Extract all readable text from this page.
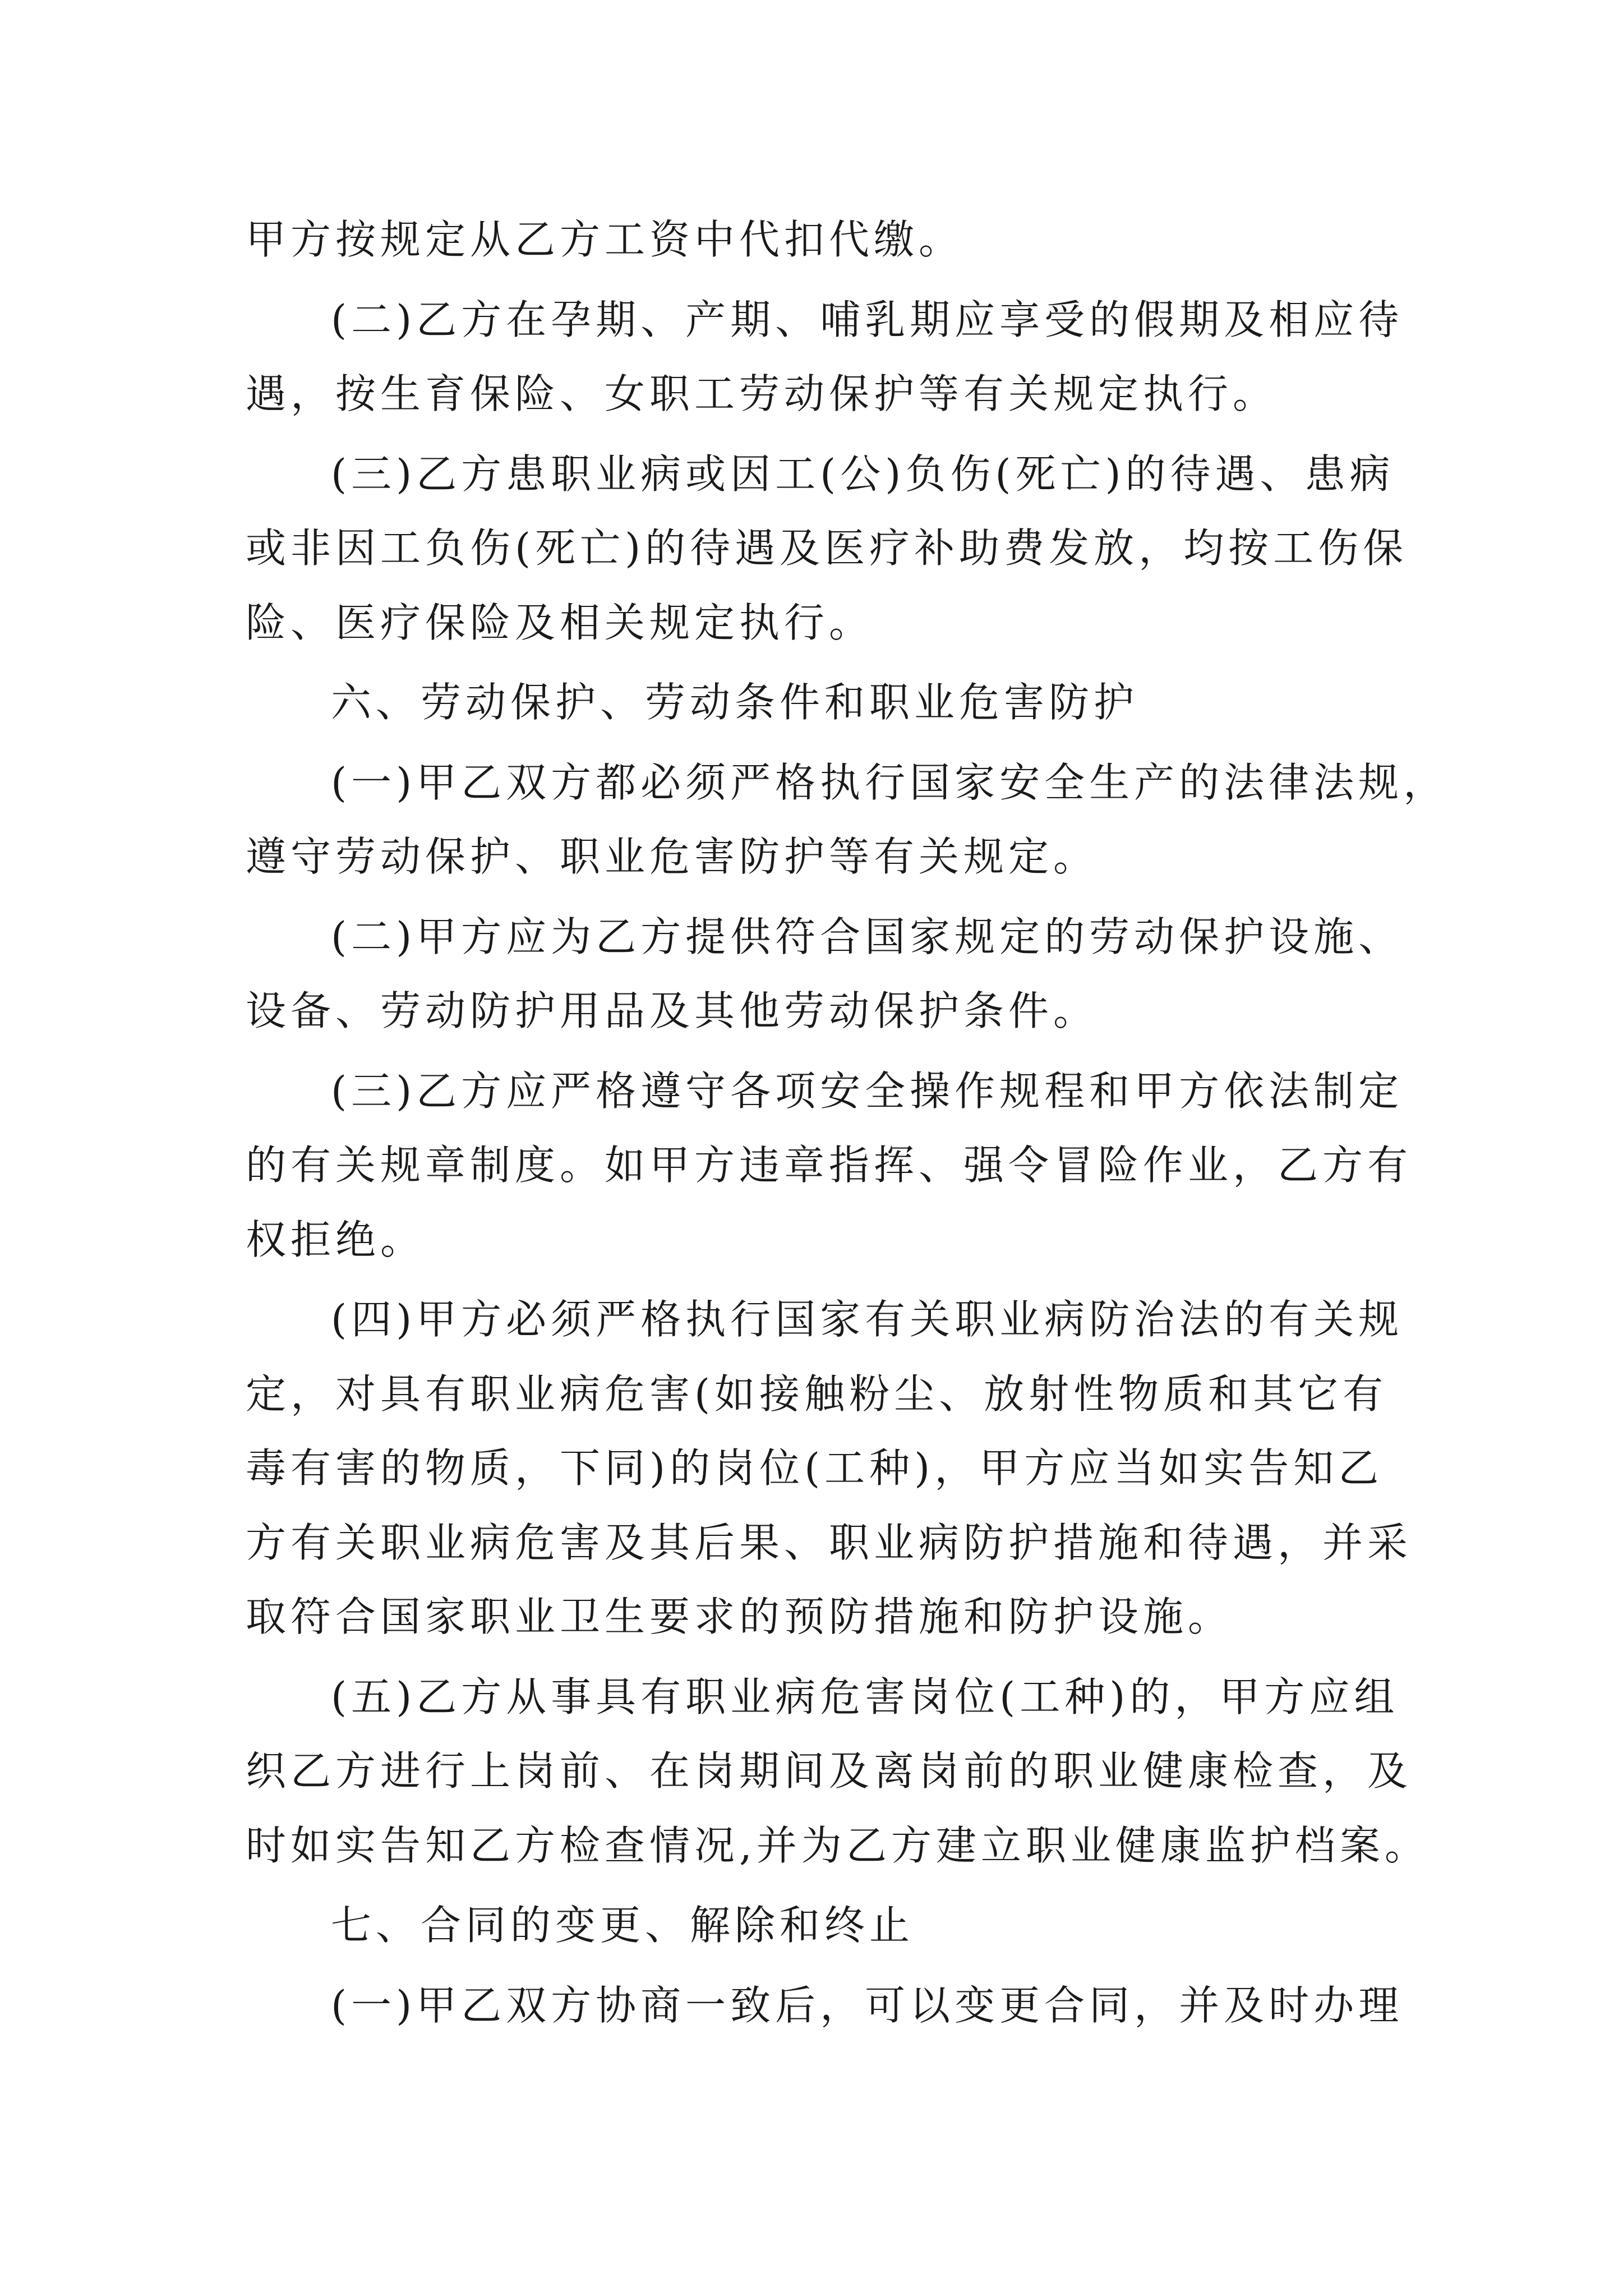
甲方按规定从乙方工资中代扣代缴。
(二)乙方在孕期、产期、哺乳期应享受的假期及相应待
遇，按生育保险、女职工劳动保护等有关规定执行。
(三)乙方患职业病或因工(公)负伤(死亡)的待遇、患病
或非因工负伤(死亡)的待遇及医疗补助费发放，均按工伤保
险、医疗保险及相关规定执行。
六、劳动保护、劳动条件和职业危害防护
(一)甲乙双方都必须严格执行国家安全生产的法律法规，
遵守劳动保护、职业危害防护等有关规定。
(二)甲方应为乙方提供符合国家规定的劳动保护设施、
设备、劳动防护用品及其他劳动保护条件。
(三)乙方应严格遵守各项安全操作规程和甲方依法制定
的有关规章制度。如甲方违章指挥、强令冒险作业，乙方有
权拒绝。
(四)甲方必须严格执行国家有关职业病防治法的有关规
定，对具有职业病危害(如接触粉尘、放射性物质和其它有
毒有害的物质，下同)的岗位(工种)，甲方应当如实告知乙
方有关职业病危害及其后果、职业病防护措施和待遇，并采
取符合国家职业卫生要求的预防措施和防护设施。
(五)乙方从事具有职业病危害岗位(工种)的，甲方应组
织乙方进行上岗前、在岗期间及离岗前的职业健康检查，及
时如实告知乙方检查情况,并为乙方建立职业健康监护档案。
七、合同的变更、解除和终止
(一)甲乙双方协商一致后，可以变更合同，并及时办理
